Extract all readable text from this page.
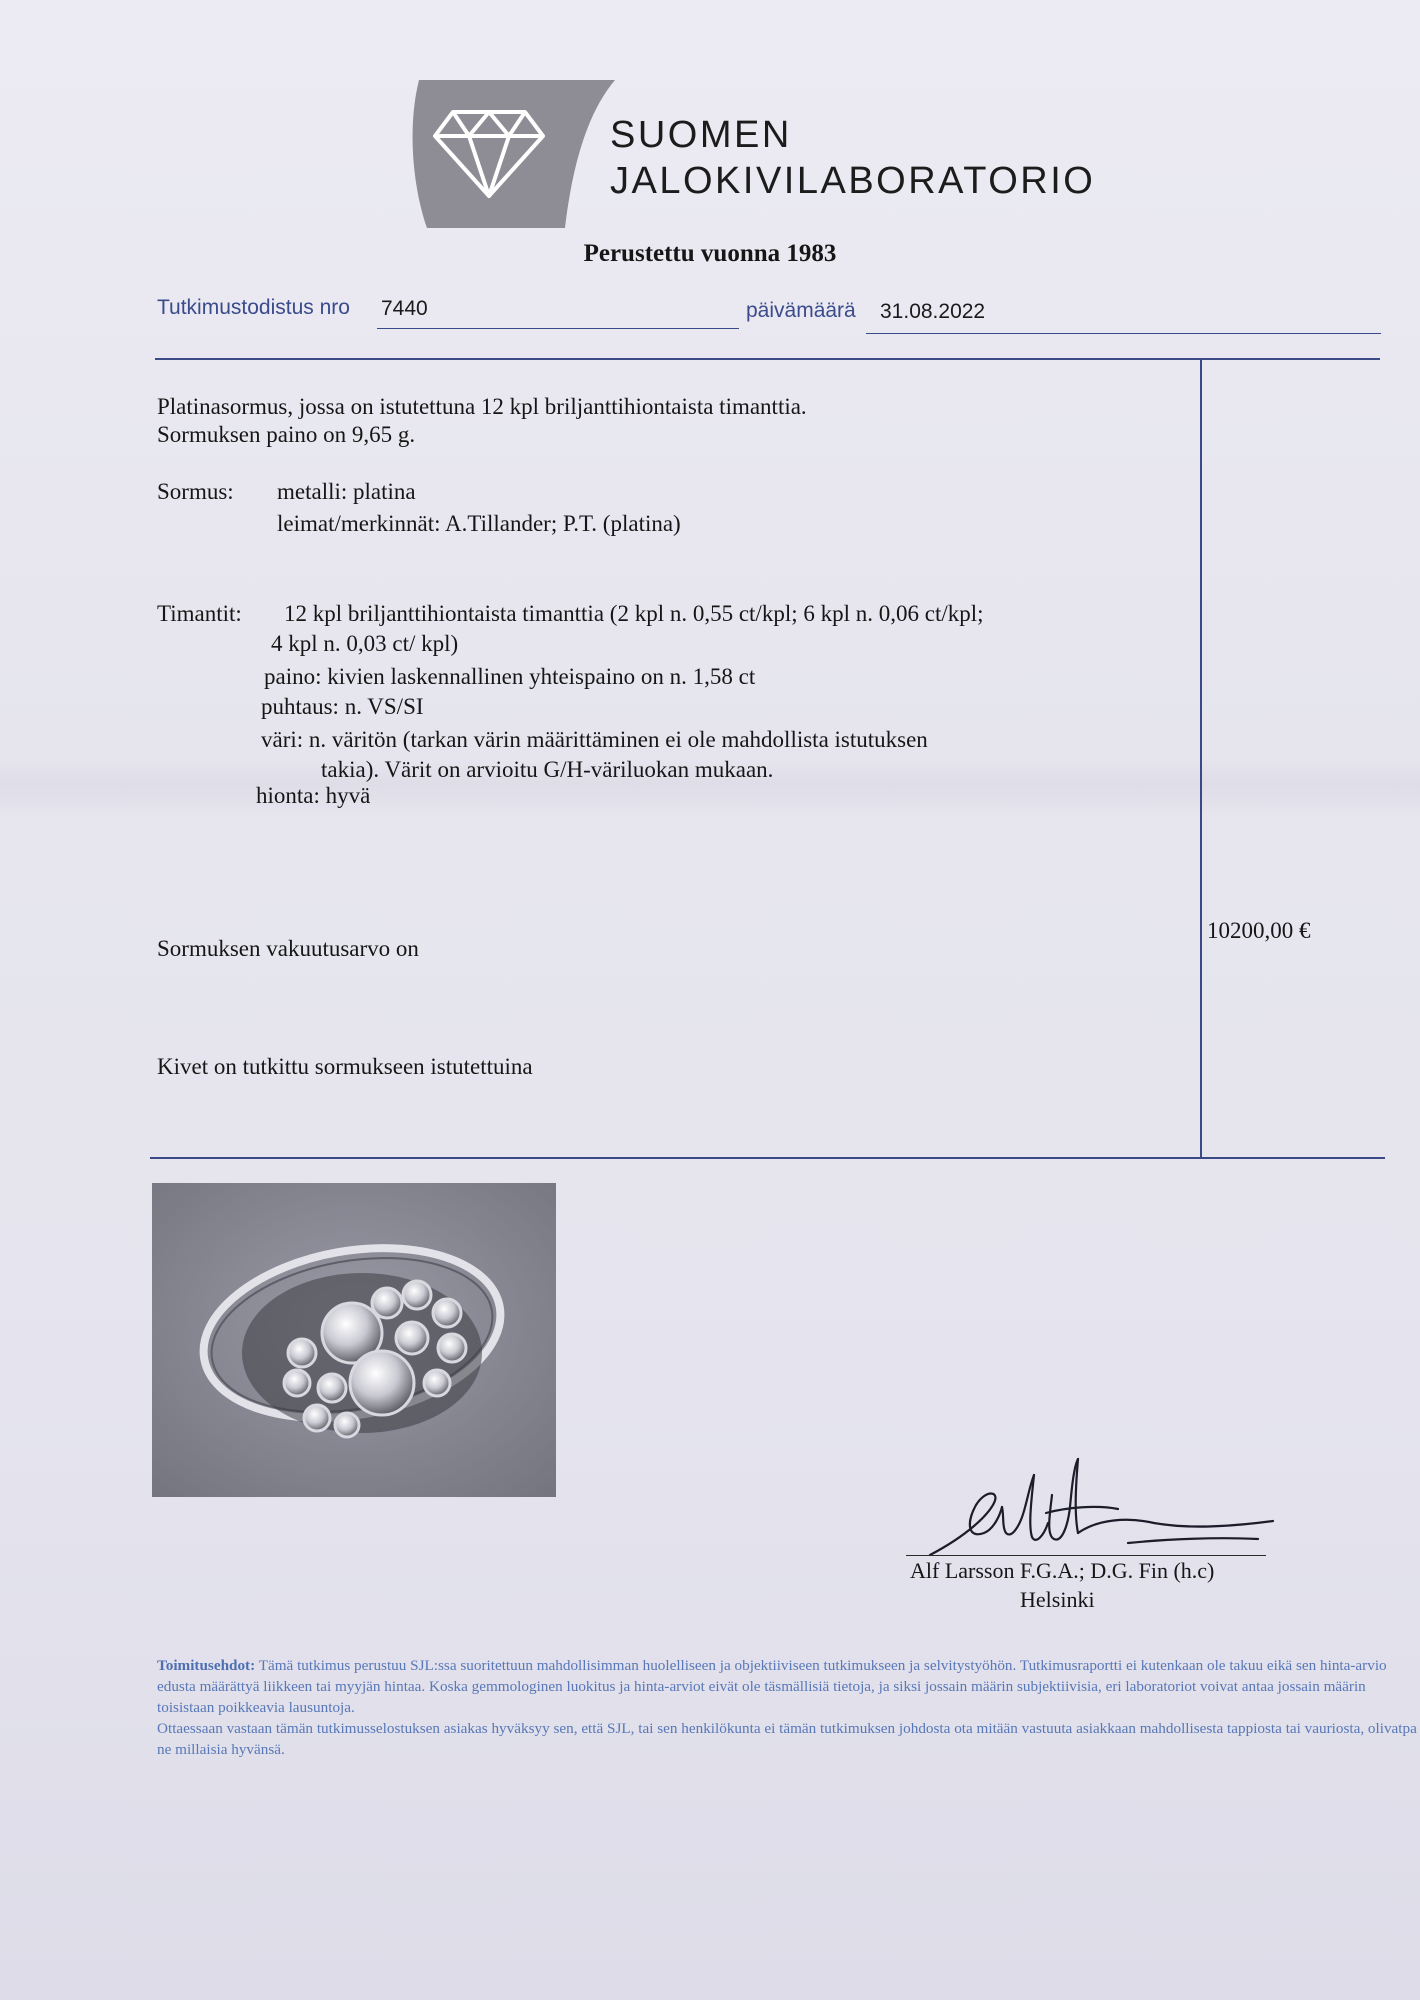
SUOMEN
JALOKIVILABORATORIO
Perustettu vuonna 1983
Tutkimustodistus nro 7440	päivämäärä 31.08.2022
Platinasormus, jossa on istutettuna 12 kpl briljanttihiontaista timanttia.
Sormuksen paino on 9,65 g.
Sormus: metalli: platina
leimat/merkinnät: A.Tillander; P.T. (platina)
Timantit: 12 kpl briljanttihiontaista timanttia (2 kpl n. 0,55 ct/kpl; 6 kpl n. 0,06 ct/kpl;
4 kpl n. 0,03 ct/ kpl)
paino: kivien laskennallinen yhteispaino on n. 1,58 ct
puhtaus: n. VS/SI
väri: n. väritön (tarkan värin määrittäminen ei ole mahdollista istutuksen
takia). Värit on arvioitu G/H-väriluokan mukaan.
hionta: hyvä
Sormuksen vakuutusarvo on
10200,00 €
Kivet on tutkittu sormukseen istutettuina
Alf Larsson F.G.A.; D.G. Fin (h.c)
Helsinki
Toimitusehdot: Tämä tutkimus perustuu SJL:ssa suoritettuun mahdollisimman huolelliseen ja objektiiviseen tutkimukseen ja selvitystyöhön. Tutkimusraportti ei kutenkaan ole takuu eikä sen hinta-arvio edusta määrättyä liikkeen tai myyjän hintaa. Koska gemmologinen luokitus ja hinta-arviot eivät ole täsmällisiä tietoja, ja siksi jossain määrin subjektiivisia, eri laboratoriot voivat antaa jossain määrin toisistaan poikkeavia lausuntoja.
Ottaessaan vastaan tämän tutkimusselostuksen asiakas hyväksyy sen, että SJL, tai sen henkilökunta ei tämän tutkimuksen johdosta ota mitään vastuuta asiakkaan mahdollisesta tappiosta tai vauriosta, olivatpa ne millaisia hyvänsä.
